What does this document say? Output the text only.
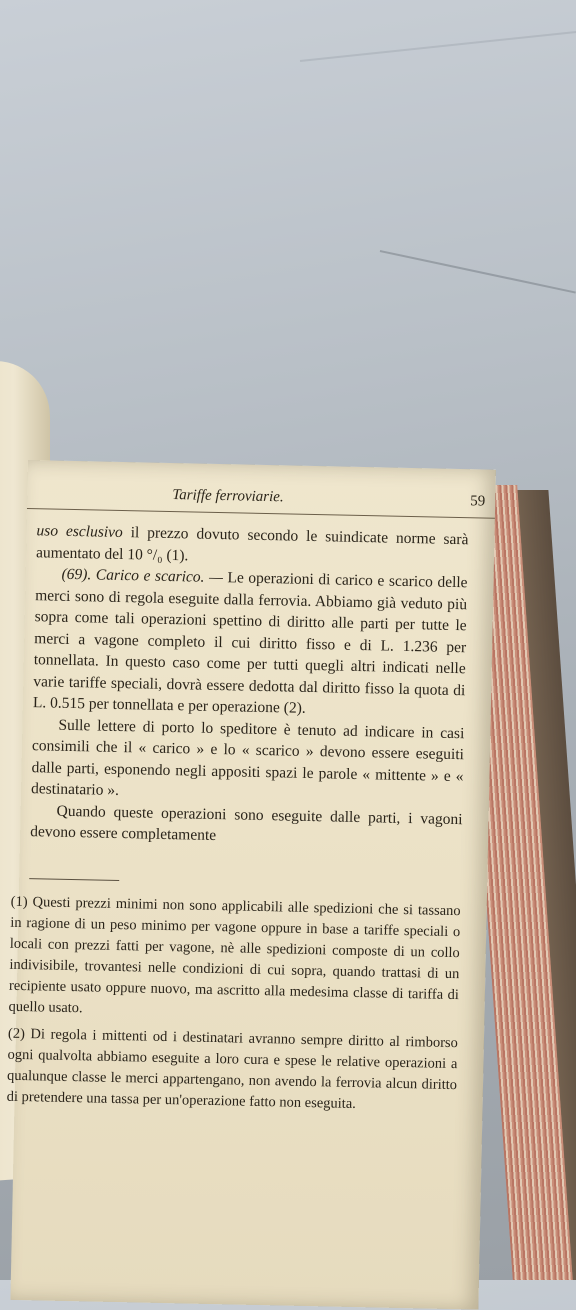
Tariffe ferroviarie.	59

uso esclusivo il prezzo dovuto secondo le suindicate norme sarà aumentato del 10 °/₀ (1).

(69). Carico e scarico. — Le operazioni di carico e scarico delle merci sono di regola eseguite dalla ferrovia. Abbiamo già veduto più sopra come tali operazioni spettino di diritto alle parti per tutte le merci a vagone completo il cui diritto fisso e di L. 1.236 per tonnellata. In questo caso come per tutti quegli altri indicati nelle varie tariffe speciali, dovrà essere dedotta dal diritto fisso la quota di L. 0.515 per tonnellata e per operazione (2).

Sulle lettere di porto lo speditore è tenuto ad indicare in casi consimili che il « carico » e lo « scarico » devono essere eseguiti dalle parti, esponendo negli appositi spazi le parole « mittente » e « destinatario ».

Quando queste operazioni sono eseguite dalle parti, i vagoni devono essere completamente

(1) Questi prezzi minimi non sono applicabili alle spedizioni che si tassano in ragione di un peso minimo per vagone oppure in base a tariffe speciali o locali con prezzi fatti per vagone, nè alle spedizioni composte di un collo indivisibile, trovantesi nelle condizioni di cui sopra, quando trattasi di un recipiente usato oppure nuovo, ma ascritto alla medesima classe di tariffa di quello usato.

(2) Di regola i mittenti od i destinatari avranno sempre diritto al rimborso ogni qualvolta abbiamo eseguite a loro cura e spese le relative operazioni a qualunque classe le merci appartengano, non avendo la ferrovia alcun diritto di pretendere una tassa per un'operazione fatto non eseguita.
